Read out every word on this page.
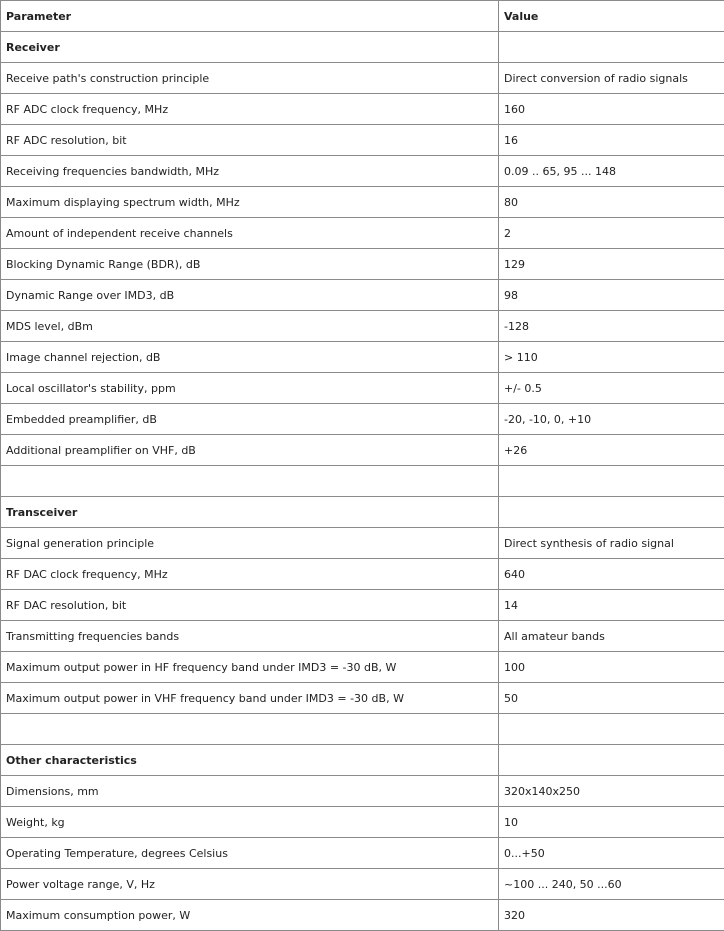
Parameter	Value
Receiver	
Receive path's construction principle	Direct conversion of radio signals
RF ADC clock frequency, MHz	160
RF ADC resolution, bit	16
Receiving frequencies bandwidth, MHz	0.09 .. 65, 95 ... 148
Maximum displaying spectrum width, MHz	80
Amount of independent receive channels	2
Blocking Dynamic Range (BDR), dB	129
Dynamic Range over IMD3, dB	98
MDS level, dBm	-128
Image channel rejection, dB	> 110
Local oscillator's stability, ppm	+/- 0.5
Embedded preamplifier, dB	-20, -10, 0, +10
Additional preamplifier on VHF, dB	+26

Transceiver	
Signal generation principle	Direct synthesis of radio signal
RF DAC clock frequency, MHz	640
RF DAC resolution, bit	14
Transmitting frequencies bands	All amateur bands
Maximum output power in HF frequency band under IMD3 = -30 dB, W	100
Maximum output power in VHF frequency band under IMD3 = -30 dB, W	50

Other characteristics	
Dimensions, mm	320x140x250
Weight, kg	10
Operating Temperature, degrees Celsius	0...+50
Power voltage range, V, Hz	~100 ... 240, 50 ...60
Maximum consumption power, W	320
